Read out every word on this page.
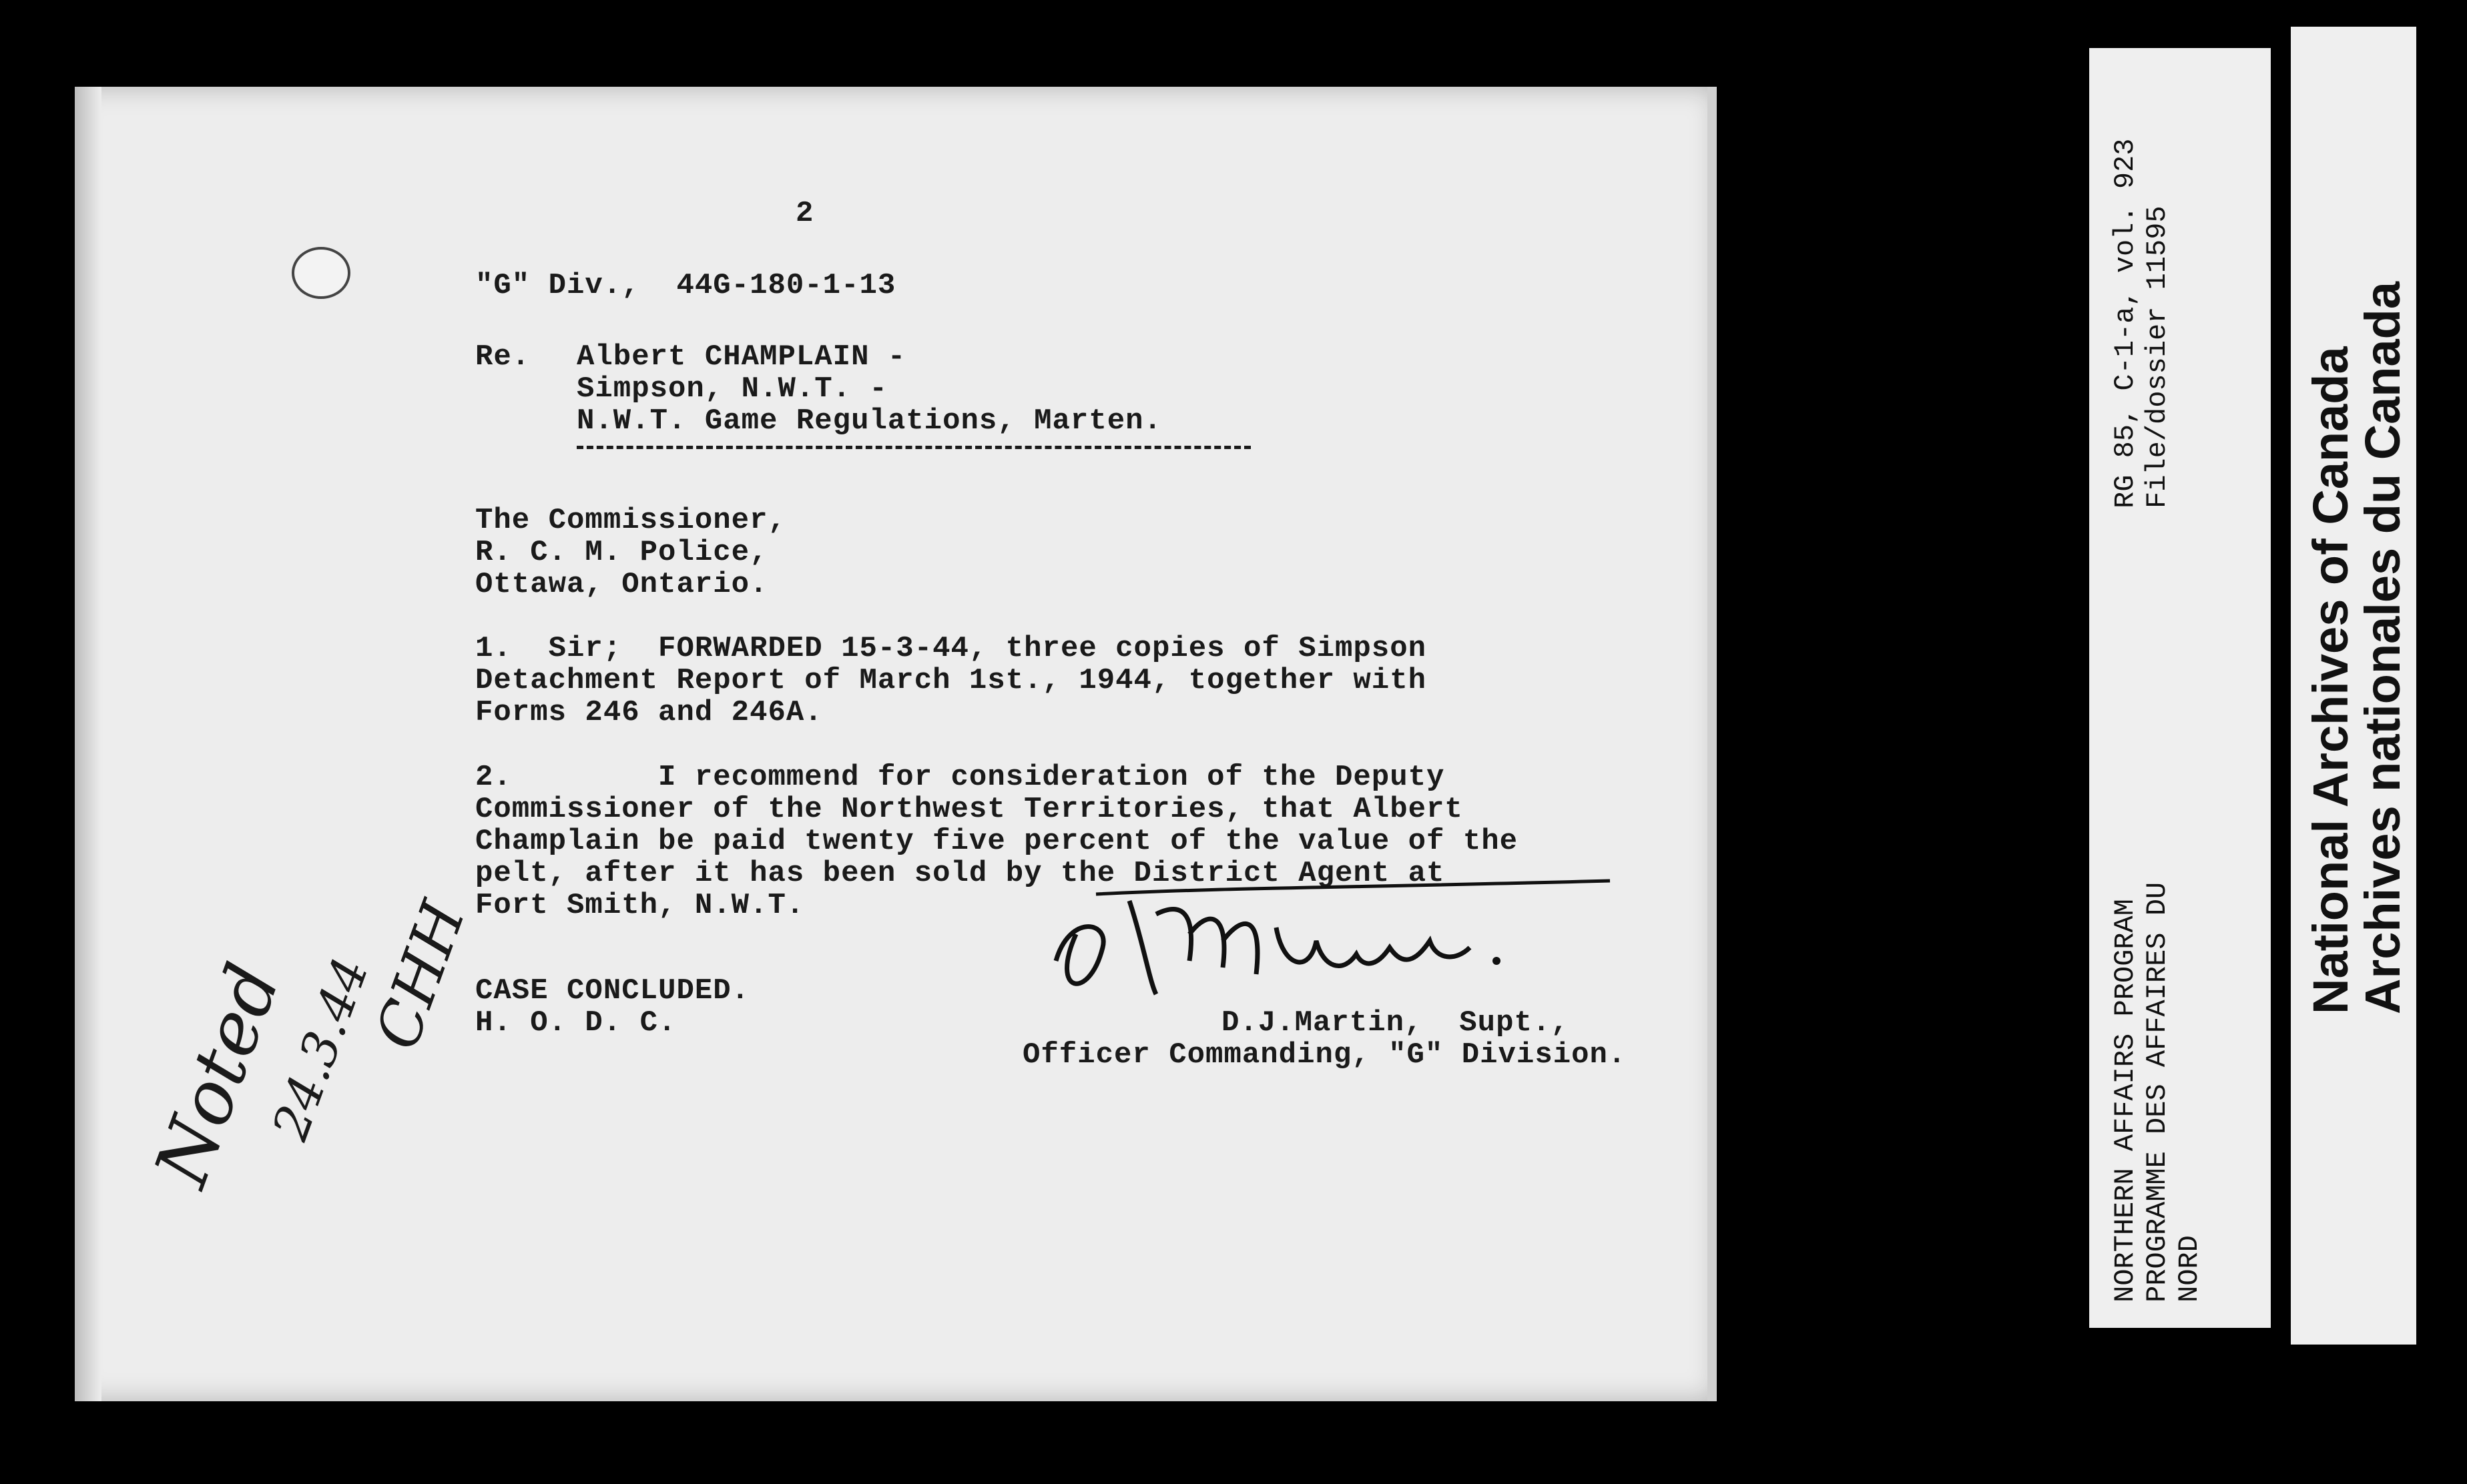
2
"G" Div.,  44G-180-1-13
Re. Albert CHAMPLAIN -
Simpson, N.W.T. -
N.W.T. Game Regulations, Marten.
The Commissioner,
R. C. M. Police,
Ottawa, Ontario.
1.  Sir;  FORWARDED 15-3-44, three copies of Simpson
Detachment Report of March 1st., 1944, together with
Forms 246 and 246A.
2.        I recommend for consideration of the Deputy
Commissioner of the Northwest Territories, that Albert
Champlain be paid twenty five percent of the value of the
pelt, after it has been sold by the District Agent at
Fort Smith, N.W.T.
CASE CONCLUDED.
H. O. D. C.	D.J.Martin,  Supt.,
Officer Commanding, "G" Division.
Noted
24.3.44
CHH
RG 85, C-1-a, vol. 923 File/dossier 11595
NORTHERN AFFAIRS PROGRAM PROGRAMME DES AFFAIRES DU NORD
National Archives of Canada
Archives nationales du Canada
